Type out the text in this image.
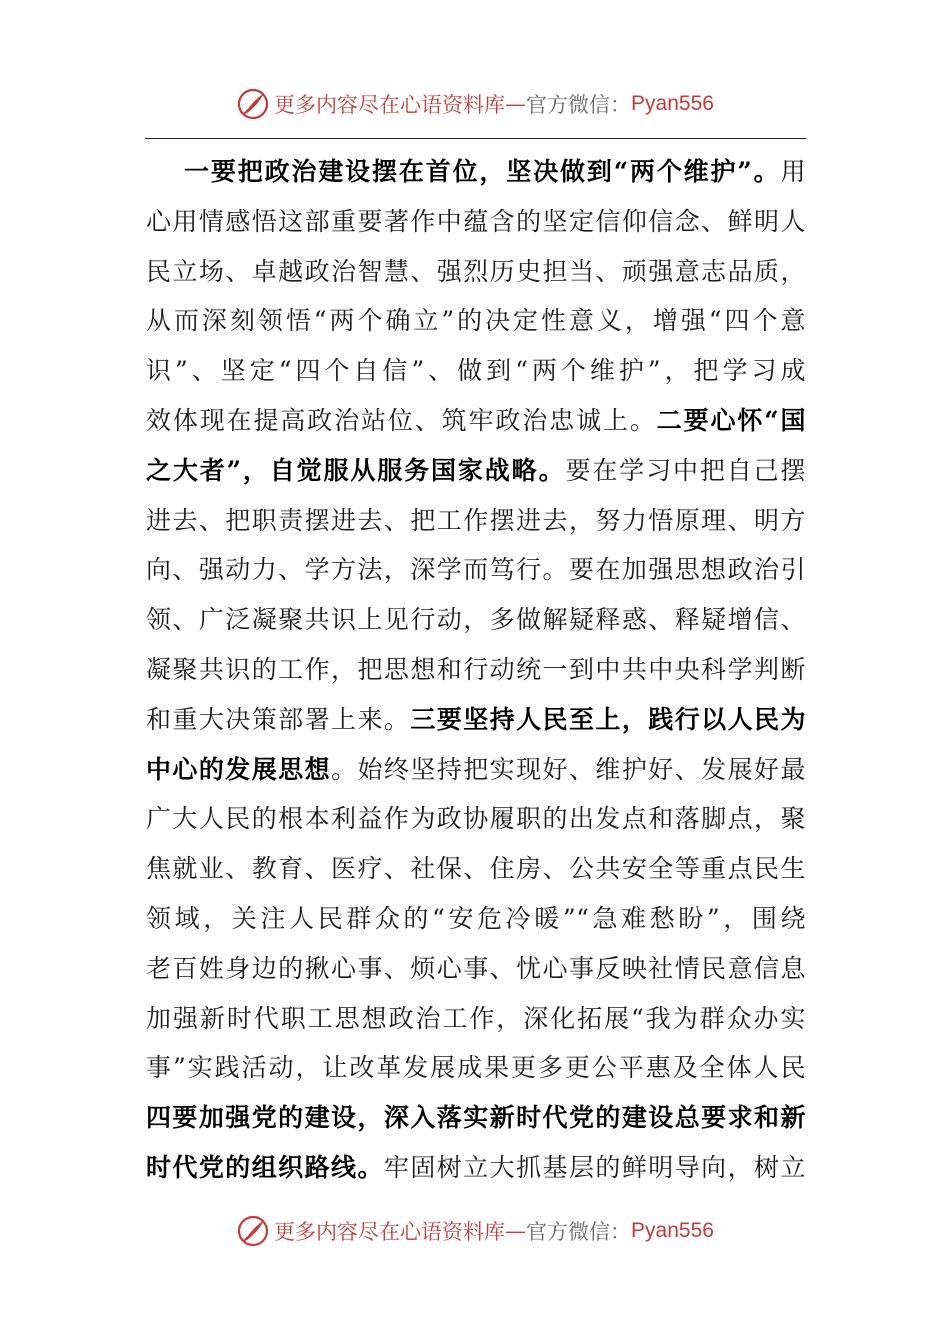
更多内容尽在心语资料库 — 官方微信： Pyan556
一要把政治建设摆在首位，坚决做到“两个维护”。用
心用情感悟这部重要著作中蕴含的坚定信仰信念、鲜明人
民立场、卓越政治智慧、强烈历史担当、顽强意志品质，
从而深刻领悟“两个确立”的决定性意义，增强“四个意
识”、坚定“四个自信”、做到“两个维护”，把学习成
效体现在提高政治站位、筑牢政治忠诚上。二要心怀“国
之大者”，自觉服从服务国家战略。要在学习中把自己摆
进去、把职责摆进去、把工作摆进去，努力悟原理、明方
向、强动力、学方法，深学而笃行。要在加强思想政治引
领、广泛凝聚共识上见行动，多做解疑释惑、释疑增信、
凝聚共识的工作，把思想和行动统一到中共中央科学判断
和重大决策部署上来。三要坚持人民至上，践行以人民为
中心的发展思想。始终坚持把实现好、维护好、发展好最
广大人民的根本利益作为政协履职的出发点和落脚点，聚
焦就业、教育、医疗、社保、住房、公共安全等重点民生
领域，关注人民群众的“安危冷暖”“急难愁盼”，围绕
老百姓身边的揪心事、烦心事、忧心事反映社情民意信息
加强新时代职工思想政治工作，深化拓展“我为群众办实
事”实践活动，让改革发展成果更多更公平惠及全体人民
四要加强党的建设，深入落实新时代党的建设总要求和新
时代党的组织路线。牢固树立大抓基层的鲜明导向，树立
更多内容尽在心语资料库 — 官方微信： Pyan556
